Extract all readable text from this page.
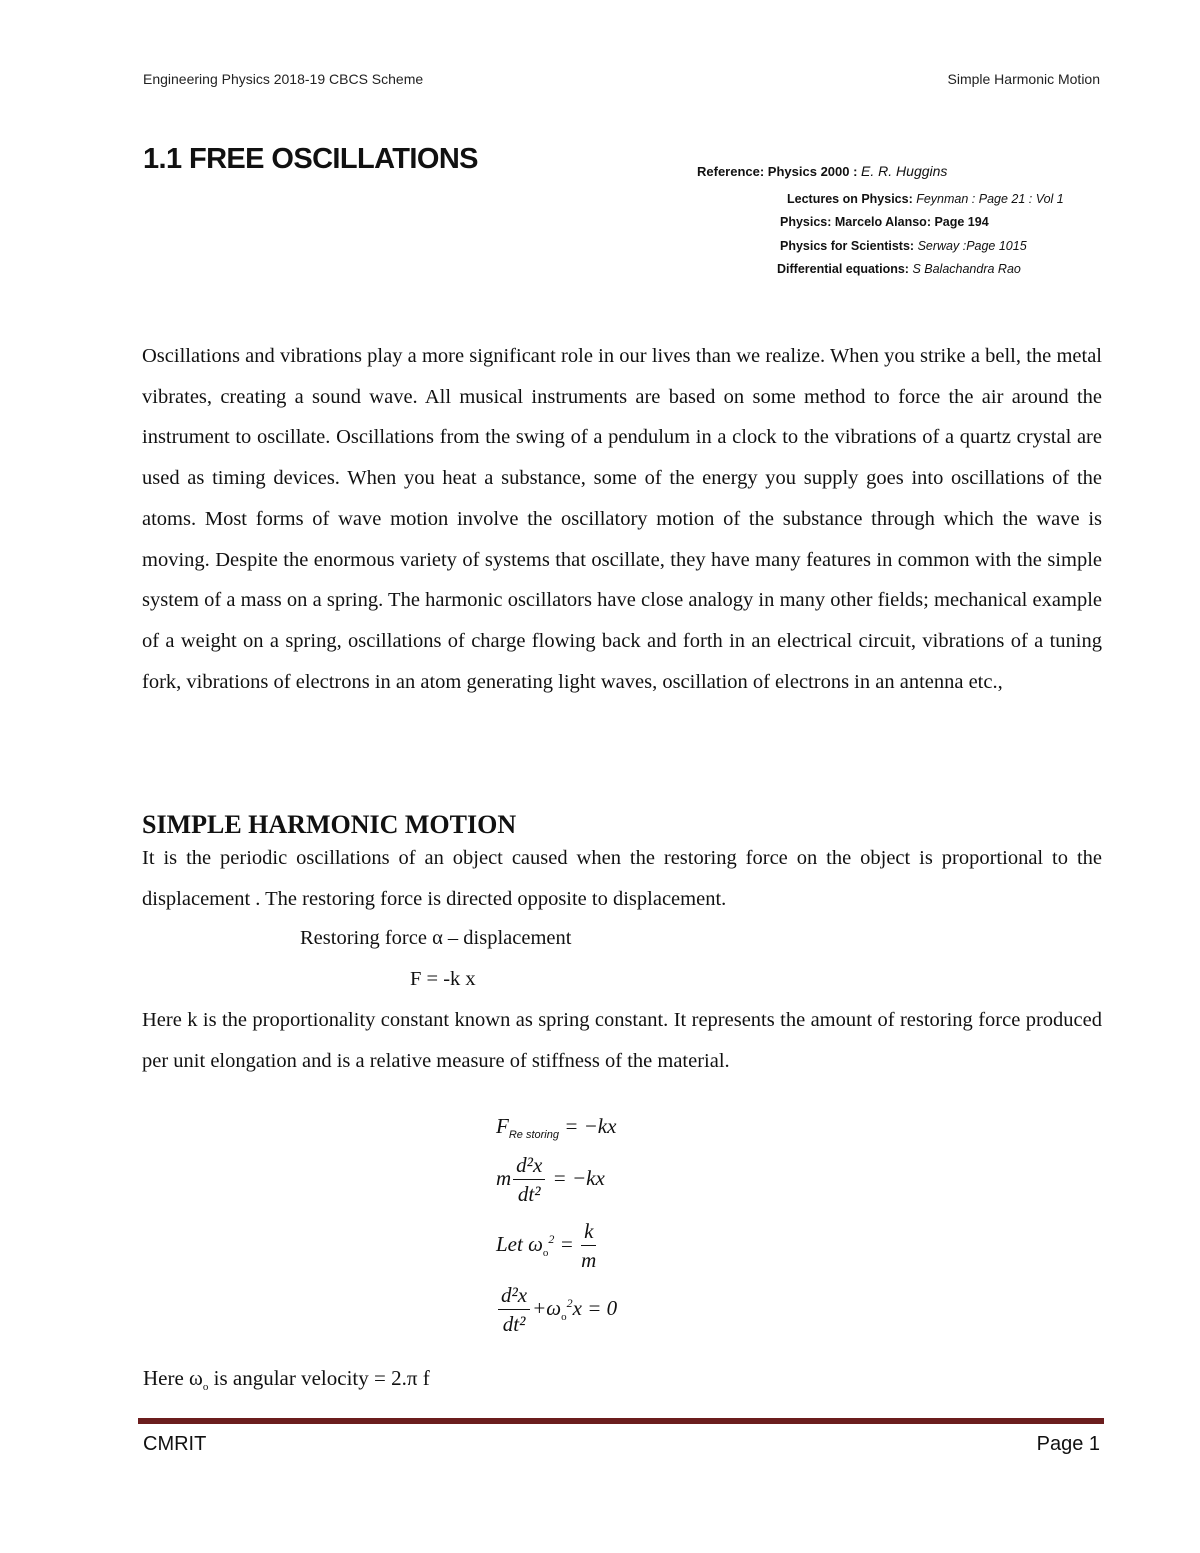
Engineering Physics 2018-19 CBCS Scheme	Simple Harmonic Motion
1.1 FREE OSCILLATIONS	Reference: Physics 2000 : E. R. Huggins
Lectures on Physics: Feynman : Page 21 : Vol 1
Physics: Marcelo Alanso: Page 194
Physics for Scientists: Serway :Page 1015
Differential equations: S Balachandra Rao

Oscillations and vibrations play a more significant role in our lives than we realize. When you strike a bell, the metal vibrates, creating a sound wave. All musical instruments are based on some method to force the air around the instrument to oscillate. Oscillations from the swing of a pendulum in a clock to the vibrations of a quartz crystal are used as timing devices. When you heat a substance, some of the energy you supply goes into oscillations of the atoms. Most forms of wave motion involve the oscillatory motion of the substance through which the wave is moving. Despite the enormous variety of systems that oscillate, they have many features in common with the simple system of a mass on a spring. The harmonic oscillators have close analogy in many other fields; mechanical example of a weight on a spring, oscillations of charge flowing back and forth in an electrical circuit, vibrations of a tuning fork, vibrations of electrons in an atom generating light waves, oscillation of electrons in an antenna etc.,

SIMPLE HARMONIC MOTION

It is the periodic oscillations of an object caused when the restoring force on the object is proportional to the displacement . The restoring force is directed opposite to displacement.

Restoring force α – displacement
F = -k x

Here k is the proportionality constant known as spring constant. It represents the amount of restoring force produced per unit elongation and is a relative measure of stiffness of the material.

$F_{Re storing} = -kx$
m $\frac{\text{d²x}}{\text{dt²}} = -kx$
Let $\omega_o^2 = \frac{k}{m}$
$\frac{\text{d²x}}{\text{dt²}} +\omega_o^2x = 0$
Here $\omega_o$ is angular velocity = 2.π f
CMRIT	Page 1
